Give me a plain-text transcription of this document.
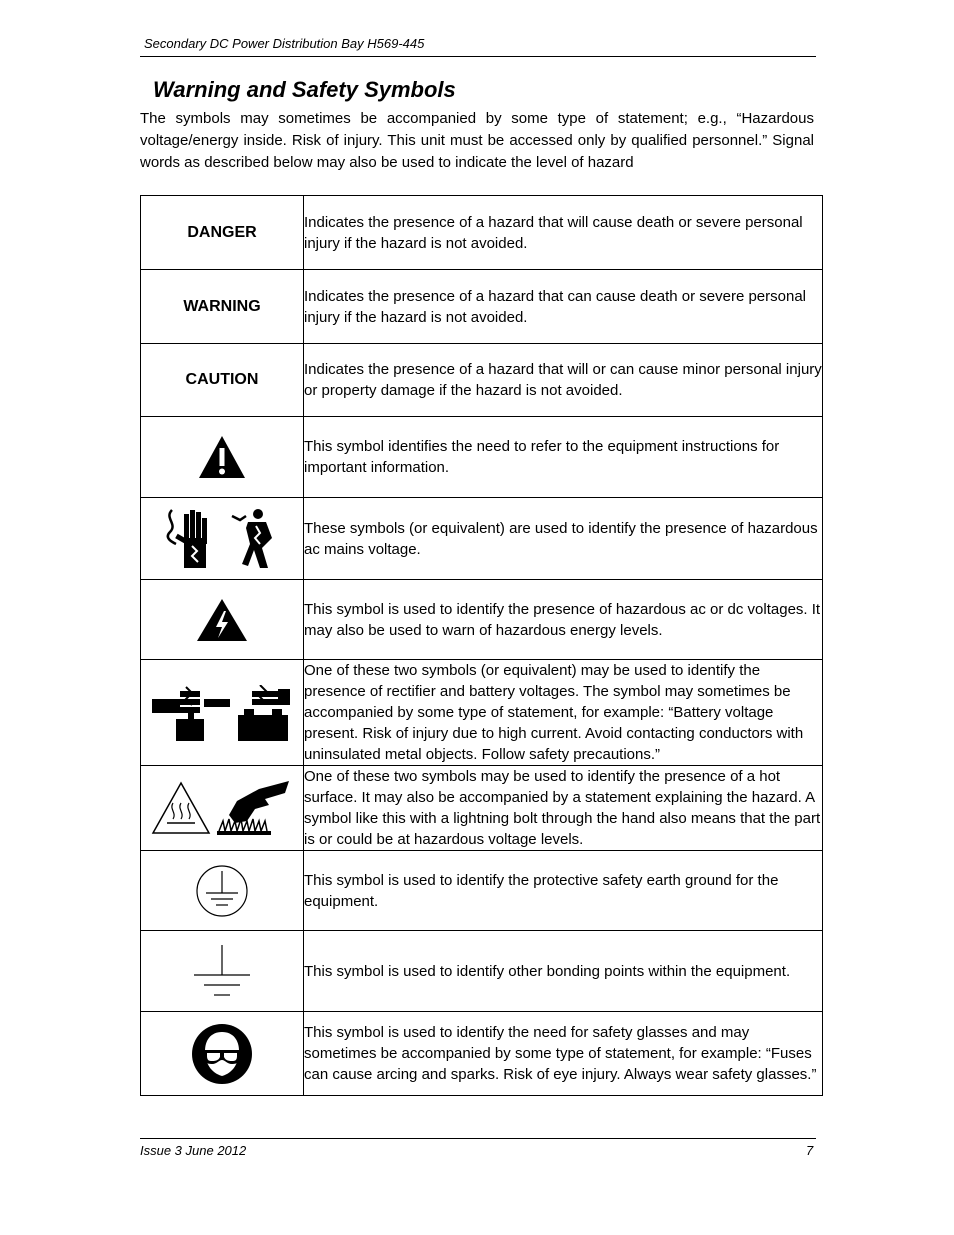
Secondary DC Power Distribution Bay H569-445
Warning and Safety Symbols

The symbols may sometimes be accompanied by some type of statement; e.g., “Hazardous voltage/energy inside. Risk of injury. This unit must be accessed only by qualified personnel.” Signal words as described below may also be used to indicate the level of hazard

DANGER	Indicates the presence of a hazard that will cause death or severe personal injury if the hazard is not avoided.
WARNING	Indicates the presence of a hazard that can cause death or severe personal injury if the hazard is not avoided.
CAUTION	Indicates the presence of a hazard that will or can cause minor personal injury or property damage if the hazard is not avoided.
	This symbol identifies the need to refer to the equipment instructions for important information.
	These symbols (or equivalent) are used to identify the presence of hazardous ac mains voltage.
	This symbol is used to identify the presence of hazardous ac or dc voltages. It may also be used to warn of hazardous energy levels.
	One of these two symbols (or equivalent) may be used to identify the presence of rectifier and battery voltages. The symbol may sometimes be accompanied by some type of statement, for example: “Battery voltage present. Risk of injury due to high current. Avoid contacting conductors with uninsulated metal objects. Follow safety precautions.”
	One of these two symbols may be used to identify the presence of a hot surface. It may also be accompanied by a statement explaining the hazard. A symbol like this with a lightning bolt through the hand also means that the part is or could be at hazardous voltage levels.
	This symbol is used to identify the protective safety earth ground for the equipment.
	This symbol is used to identify other bonding points within the equipment.
	This symbol is used to identify the need for safety glasses and may sometimes be accompanied by some type of statement, for example: “Fuses can cause arcing and sparks. Risk of eye injury. Always wear safety glasses.”
Issue 3 June 2012	7
